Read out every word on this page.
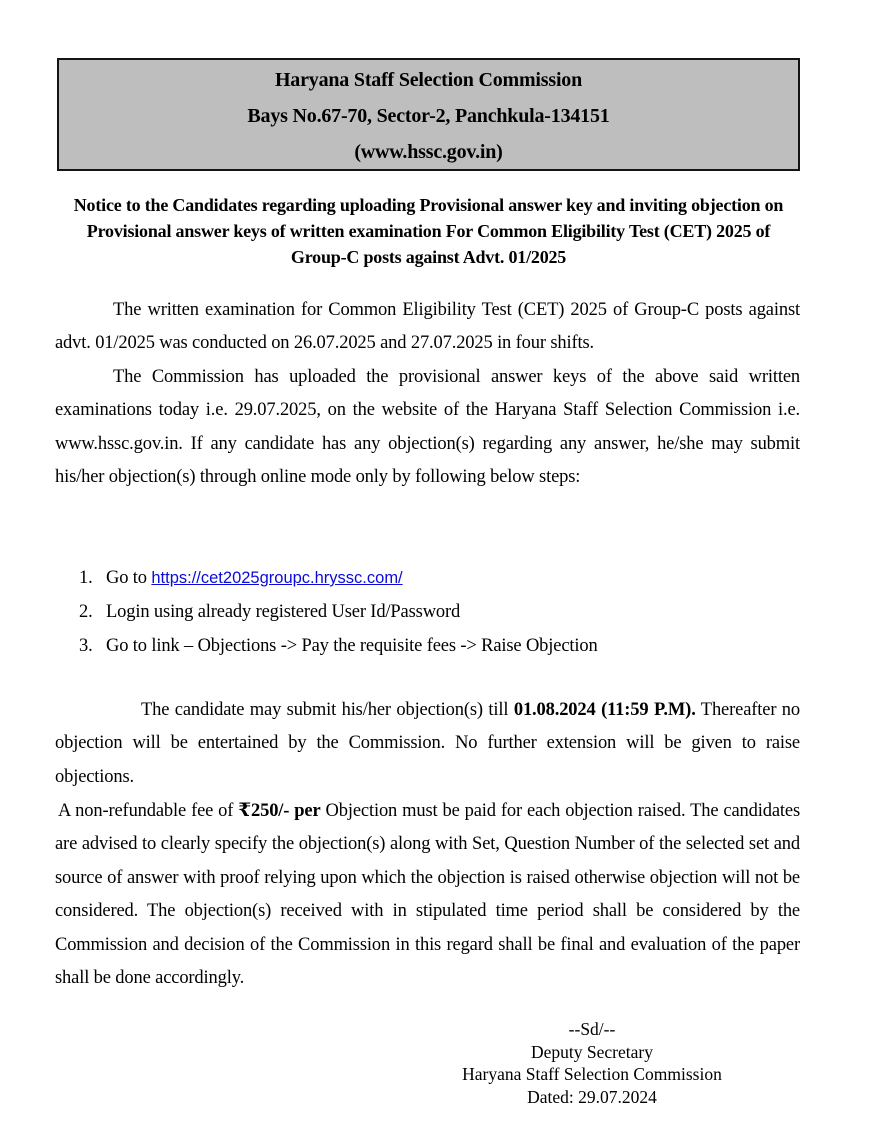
Haryana Staff Selection Commission
Bays No.67-70, Sector-2, Panchkula-134151
(www.hssc.gov.in)
Notice to the Candidates regarding uploading Provisional answer key and inviting objection on Provisional answer keys of written examination For Common Eligibility Test (CET) 2025 of Group-C posts against Advt. 01/2025
The written examination for Common Eligibility Test (CET) 2025 of Group-C posts against advt. 01/2025 was conducted on 26.07.2025 and 27.07.2025 in four shifts.
The Commission has uploaded the provisional answer keys of the above said written examinations today i.e. 29.07.2025, on the website of the Haryana Staff Selection Commission i.e. www.hssc.gov.in. If any candidate has any objection(s) regarding any answer, he/she may submit his/her objection(s) through online mode only by following below steps:
1. Go to https://cet2025groupc.hryssc.com/
2. Login using already registered User Id/Password
3. Go to link – Objections -> Pay the requisite fees -> Raise Objection
The candidate may submit his/her objection(s) till 01.08.2024 (11:59 P.M). Thereafter no objection will be entertained by the Commission. No further extension will be given to raise objections.
A non-refundable fee of ₹250/- per Objection must be paid for each objection raised. The candidates are advised to clearly specify the objection(s) along with Set, Question Number of the selected set and source of answer with proof relying upon which the objection is raised otherwise objection will not be considered. The objection(s) received with in stipulated time period shall be considered by the Commission and decision of the Commission in this regard shall be final and evaluation of the paper shall be done accordingly.
--Sd/--
Deputy Secretary
Haryana Staff Selection Commission
Dated: 29.07.2024
